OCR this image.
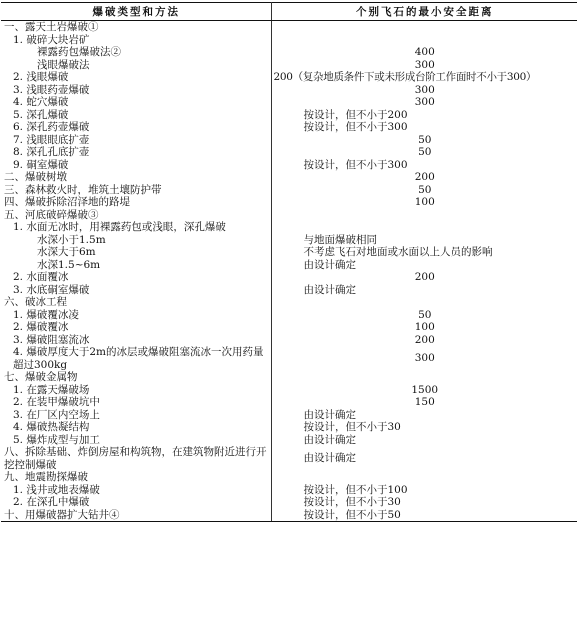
爆破类型和方法	个别飞石的最小安全距离
一、露天土岩爆破①	
1. 破碎大块岩矿	
裸露药包爆破法②	400
浅眼爆破法	300
2. 浅眼爆破	200（复杂地质条件下或未形成台阶工作面时不小于300）
3. 浅眼药壶爆破	300
4. 蛇穴爆破	300
5. 深孔爆破	按设计，但不小于200
6. 深孔药壶爆破	按设计，但不小于300
7. 浅眼眼底扩壶	50
8. 深孔孔底扩壶	50
9. 硐室爆破	按设计，但不小于300
二、爆破树墩	200
三、森林救火时，堆筑土壤防护带	50
四、爆破拆除沼泽地的路堤	100
五、河底破碎爆破③	
1. 水面无冰时，用裸露药包或浅眼，深孔爆破	
水深小于1.5m	与地面爆破相同
水深大于6m	不考虑飞石对地面或水面以上人员的影响
水深1.5~6m	由设计确定
2. 水面覆冰	200
3. 水底硐室爆破	由设计确定
六、破冰工程	
1. 爆破覆冰凌	50
2. 爆破覆冰	100
3. 爆破阻塞流冰	200
4. 爆破厚度大于2m的冰层或爆破阻塞流冰一次用药量超过300kg	300
七、爆破金属物	
1. 在露天爆破场	1500
2. 在装甲爆破坑中	150
3. 在厂区内空场上	由设计确定
4. 爆破热凝结构	按设计，但不小于30
5. 爆炸成型与加工	由设计确定
八、拆除基础、炸倒房屋和构筑物，在建筑物附近进行开挖控制爆破	由设计确定
九、地震勘探爆破	
1. 浅井或地表爆破	按设计，但不小于100
2. 在深孔中爆破	按设计，但不小于30
十、用爆破器扩大钻井④	按设计，但不小于50
